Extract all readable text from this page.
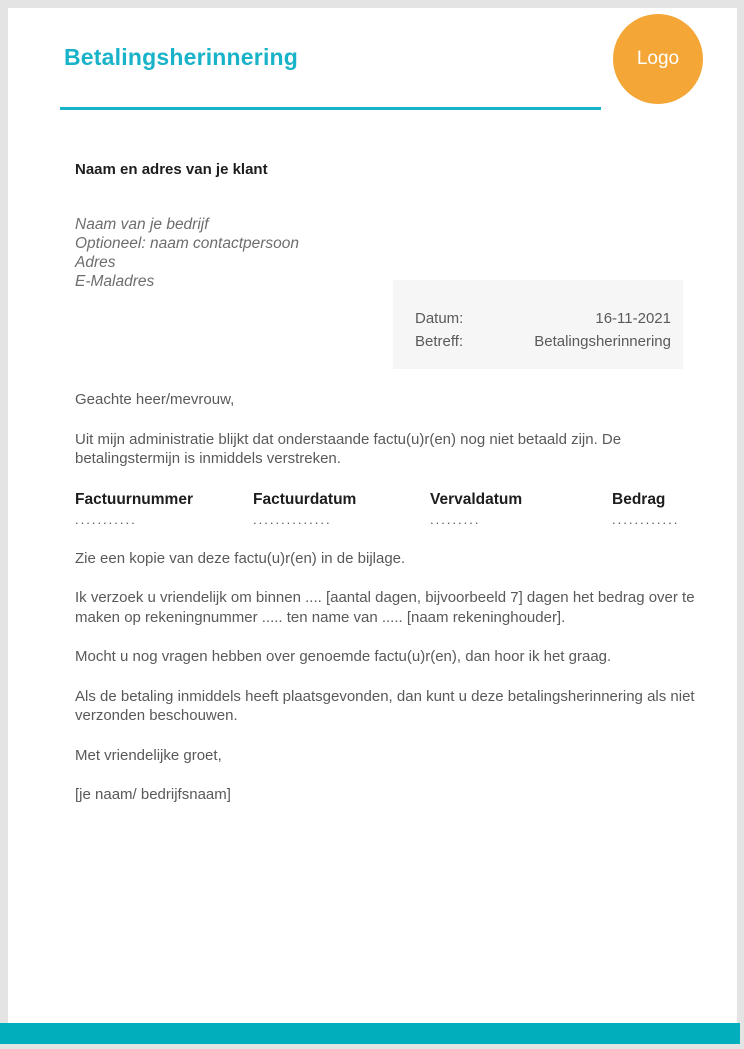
Betalingsherinnering	Logo
Naam en adres van je klant
Naam van je bedrijf
Optioneel: naam contactpersoon
Adres
E-Maladres
Datum:	16-11-2021
Betreff:	Betalingsherinnering

Geachte heer/mevrouw,

Uit mijn administratie blijkt dat onderstaande factu(u)r(en) nog niet betaald zijn. De betalingstermijn is inmiddels verstreken.

Factuurnummer	Factuurdatum	Vervaldatum	Bedrag
...........	..............	.........	............

Zie een kopie van deze factu(u)r(en) in de bijlage.

Ik verzoek u vriendelijk om binnen .... [aantal dagen, bijvoorbeeld 7] dagen het bedrag over te maken op rekeningnummer ..... ten name van ..... [naam rekeninghouder].

Mocht u nog vragen hebben over genoemde factu(u)r(en), dan hoor ik het graag.

Als de betaling inmiddels heeft plaatsgevonden, dan kunt u deze betalingsherinnering als niet verzonden beschouwen.

Met vriendelijke groet,

[je naam/ bedrijfsnaam]
